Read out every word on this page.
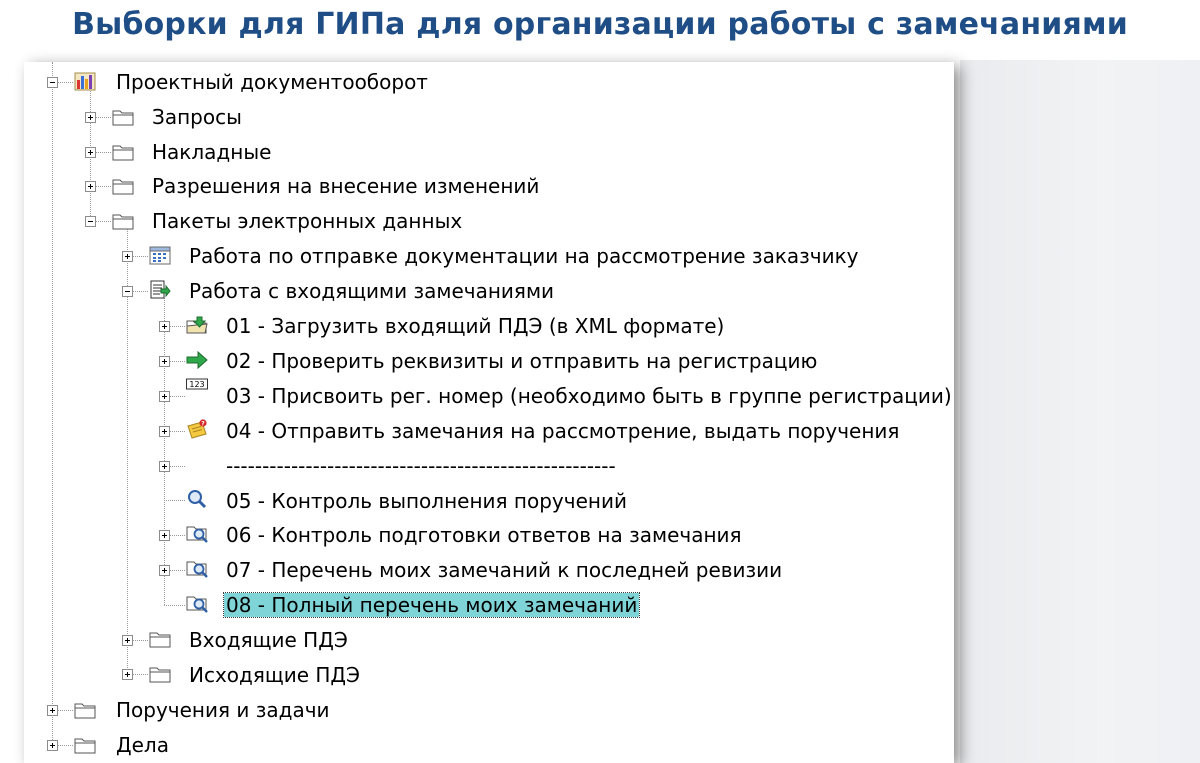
Выборки для ГИПа для организации работы с замечаниями
Проектный документооборот
Запросы
Накладные
Разрешения на внесение изменений
Пакеты электронных данных
Работа по отправке документации на рассмотрение заказчику
Работа с входящими замечаниями
01 - Загрузить входящий ПДЭ (в XML формате)
02 - Проверить реквизиты и отправить на регистрацию
123 03 - Присвоить рег. номер (необходимо быть в группе регистрации)
? 04 - Отправить замечания на рассмотрение, выдать поручения
------------------------------------------------------
05 - Контроль выполнения поручений
06 - Контроль подготовки ответов на замечания
07 - Перечень моих замечаний к последней ревизии
08 - Полный перечень моих замечаний
Входящие ПДЭ
Исходящие ПДЭ
Поручения и задачи
Дела
